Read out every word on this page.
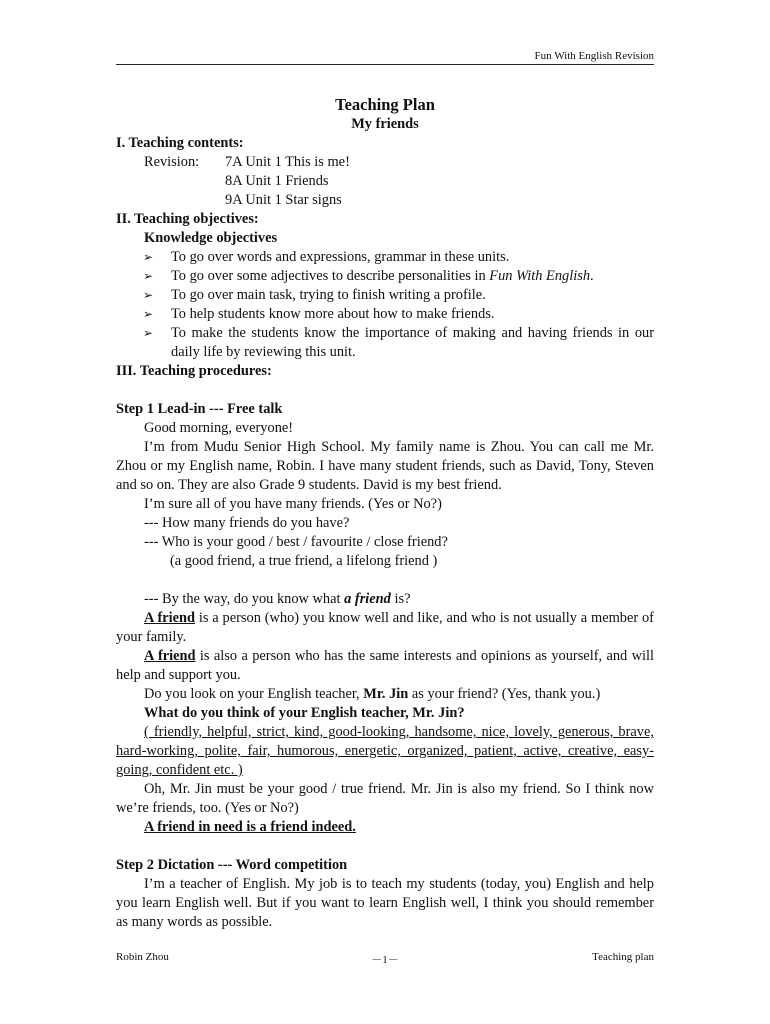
Fun With English Revision
Teaching Plan
My friends
I. Teaching contents:
Revision:	7A Unit 1 This is me!
8A Unit 1 Friends
9A Unit 1 Star signs
II. Teaching objectives:
Knowledge objectives
➢ To go over words and expressions, grammar in these units.
➢ To go over some adjectives to describe personalities in Fun With English.
➢ To go over main task, trying to finish writing a profile.
➢ To help students know more about how to make friends.
➢ To make the students know the importance of making and having friends in our daily life by reviewing this unit.
III. Teaching procedures:
Step 1 Lead-in --- Free talk
Good morning, everyone!
I’m from Mudu Senior High School. My family name is Zhou. You can call me Mr. Zhou or my English name, Robin. I have many student friends, such as David, Tony, Steven and so on. They are also Grade 9 students. David is my best friend.
I’m sure all of you have many friends. (Yes or No?)
--- How many friends do you have?
--- Who is your good / best / favourite / close friend?
(a good friend, a true friend, a lifelong friend )
--- By the way, do you know what a friend is?
A friend is a person (who) you know well and like, and who is not usually a member of your family.
A friend is also a person who has the same interests and opinions as yourself, and will help and support you.
Do you look on your English teacher, Mr. Jin as your friend? (Yes, thank you.)
What do you think of your English teacher, Mr. Jin?
( friendly, helpful, strict, kind, good-looking, handsome, nice, lovely, generous, brave, hard-working, polite, fair, humorous, energetic, organized, patient, active, creative, easy-going, confident etc. )
Oh, Mr. Jin must be your good / true friend. Mr. Jin is also my friend. So I think now we’re friends, too. (Yes or No?)
A friend in need is a friend indeed.
Step 2 Dictation --- Word competition
I’m a teacher of English. My job is to teach my students (today, you) English and help you learn English well. But if you want to learn English well, I think you should remember as many words as possible.
Robin Zhou	－1－	Teaching plan
